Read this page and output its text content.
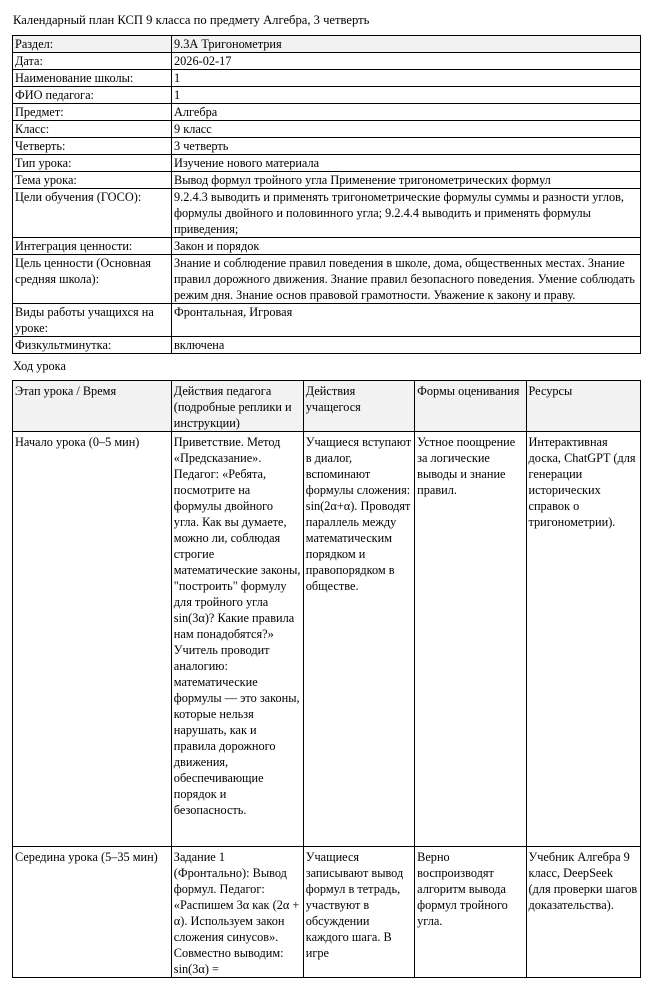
Календарный план КСП 9 класса по предмету Алгебра, 3 четверть
Раздел:	9.3А Тригонометрия
Дата:	2026-02-17
Наименование школы:	1
ФИО педагога:	1
Предмет:	Алгебра
Класс:	9 класс
Четверть:	3 четверть
Тип урока:	Изучение нового материала
Тема урока:	Вывод формул тройного угла Применение тригонометрических формул
Цели обучения (ГОСО):	9.2.4.3 выводить и применять тригонометрические формулы суммы и разности углов, формулы двойного и половинного угла; 9.2.4.4 выводить и применять формулы приведения;
Интеграция ценности:	Закон и порядок
Цель ценности (Основная средняя школа):	Знание и соблюдение правил поведения в школе, дома, общественных местах. Знание правил дорожного движения. Знание правил безопасного поведения. Умение соблюдать режим дня. Знание основ правовой грамотности. Уважение к закону и праву.
Виды работы учащихся на уроке:	Фронтальная, Игровая
Физкультминутка:	включена
Ход урока
Этап урока / Время	Действия педагога (подробные реплики и инструкции)	Действия учащегося	Формы оценивания	Ресурсы
Начало урока (0–5 мин)	Приветствие. Метод «Предсказание». Педагог: «Ребята, посмотрите на формулы двойного угла. Как вы думаете, можно ли, соблюдая строгие математические законы, "построить" формулу для тройного угла sin(3α)? Какие правила нам понадобятся?» Учитель проводит аналогию: математические формулы — это законы, которые нельзя нарушать, как и правила дорожного движения, обеспечивающие порядок и безопасность.	Учащиеся вступают в диалог, вспоминают формулы сложения: sin(2α+α). Проводят параллель между математическим порядком и правопорядком в обществе.	Устное поощрение за логические выводы и знание правил.	Интерактивная доска, ChatGPT (для генерации исторических справок о тригонометрии).
Середина урока (5–35 мин)	Задание 1 (Фронтально): Вывод формул. Педагог: «Распишем 3α как (2α + α). Используем закон сложения синусов». Совместно выводим: sin(3α) =	Учащиеся записывают вывод формул в тетрадь, участвуют в обсуждении каждого шага. В игре	Верно воспроизводят алгоритм вывода формул тройного угла.	Учебник Алгебра 9 класс, DeepSeek (для проверки шагов доказательства).
